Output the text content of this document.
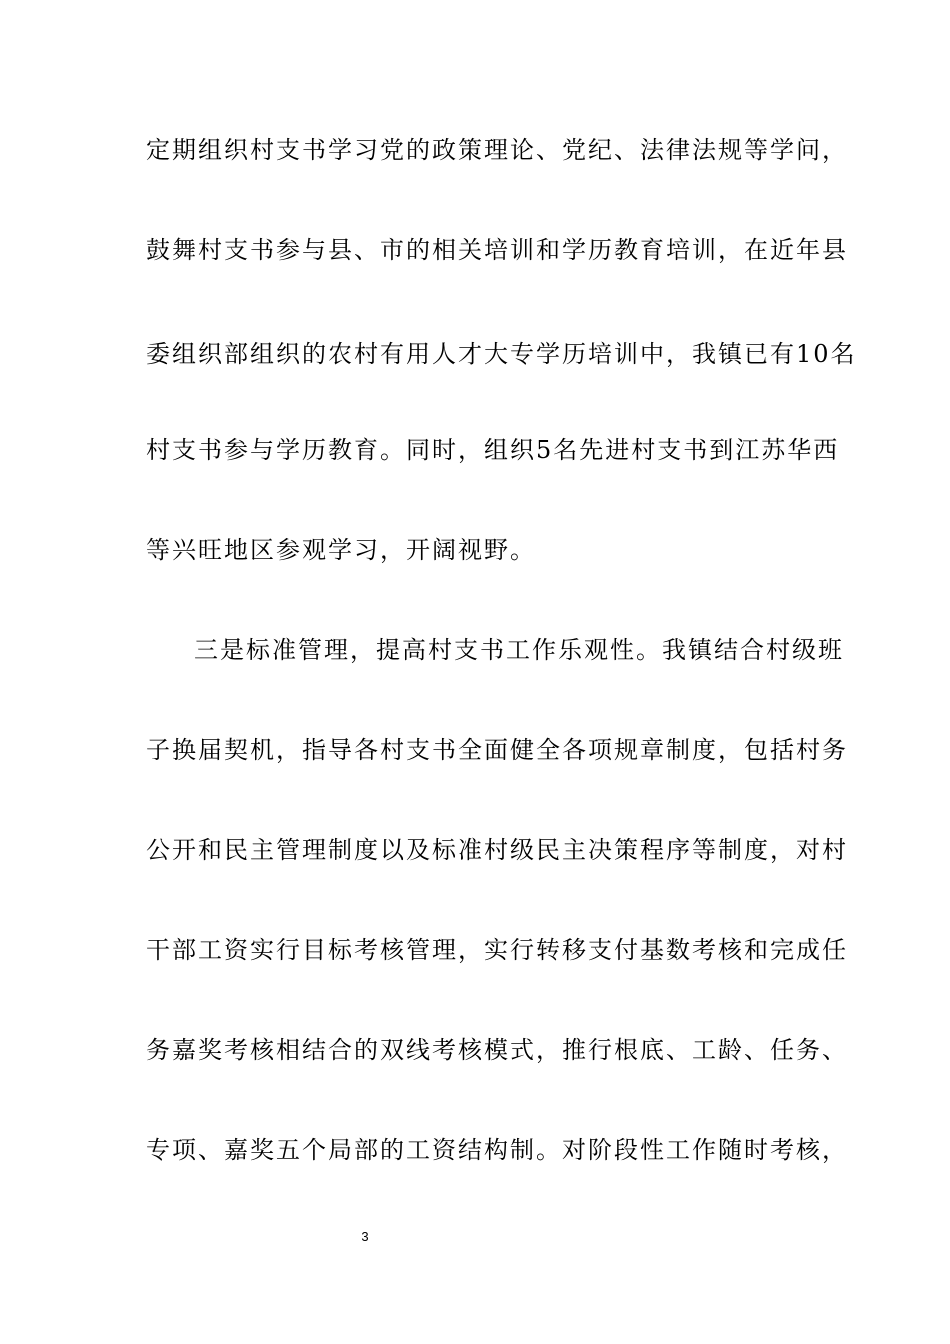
定期组织村支书学习党的政策理论、党纪、法律法规等学问，
鼓舞村支书参与县、市的相关培训和学历教育培训，在近年县
委组织部组织的农村有用人才大专学历培训中，我镇已有10名
村支书参与学历教育。同时，组织5名先进村支书到江苏华西
等兴旺地区参观学习，开阔视野。
三是标准管理，提高村支书工作乐观性。我镇结合村级班
子换届契机，指导各村支书全面健全各项规章制度，包括村务
公开和民主管理制度以及标准村级民主决策程序等制度，对村
干部工资实行目标考核管理，实行转移支付基数考核和完成任
务嘉奖考核相结合的双线考核模式，推行根底、工龄、任务、
专项、嘉奖五个局部的工资结构制。对阶段性工作随时考核，
3
